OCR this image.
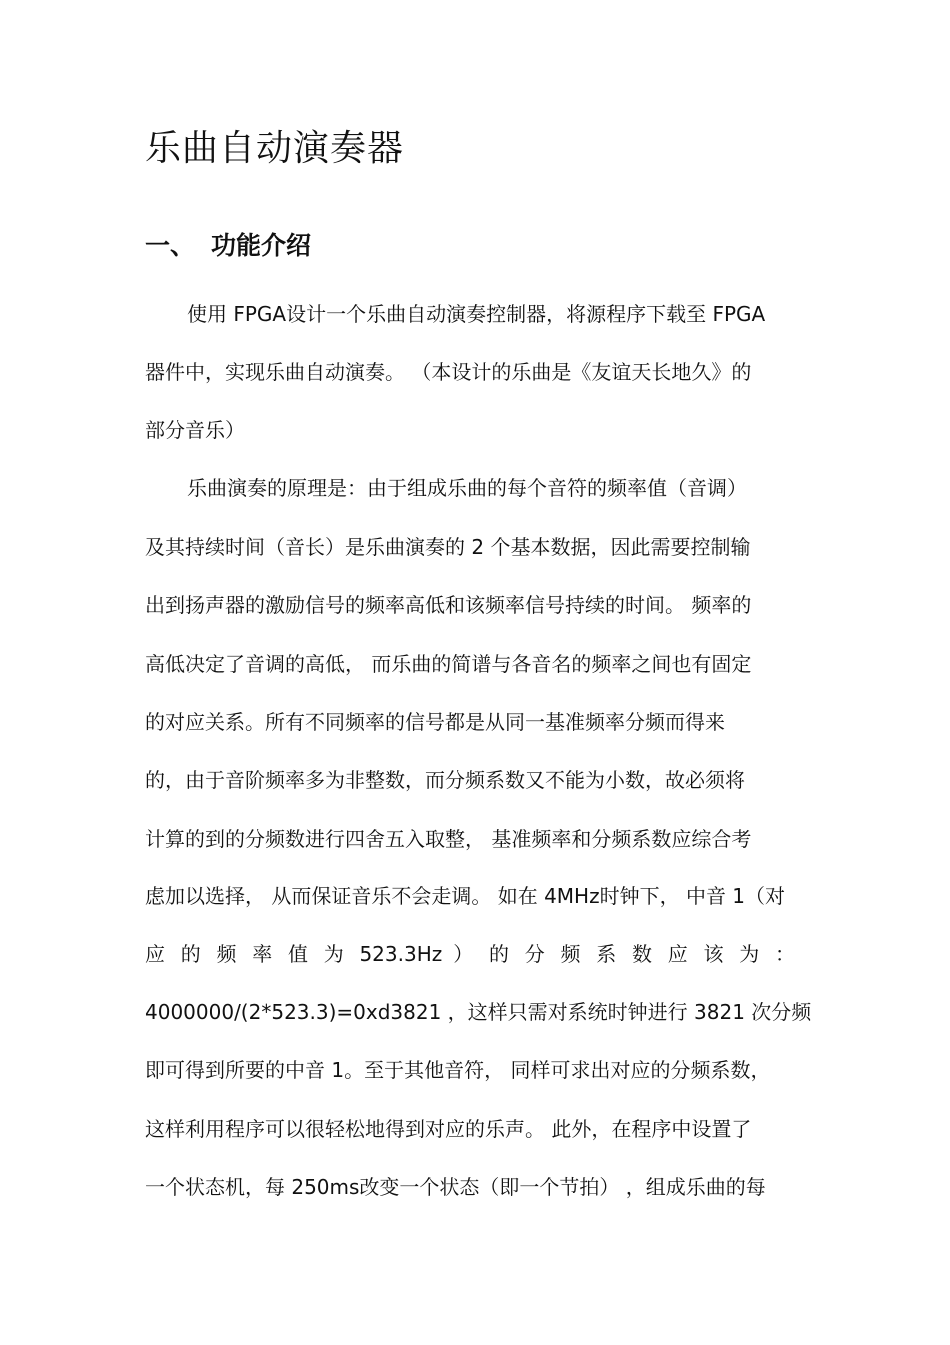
乐曲自动演奏器
一、 功能介绍

使用 FPGA设计一个乐曲自动演奏控制器，将源程序下载至 FPGA

器件中，实现乐曲自动演奏。 （本设计的乐曲是《友谊天长地久》的

部分音乐）

乐曲演奏的原理是：由于组成乐曲的每个音符的频率值（音调）

及其持续时间（音长）是乐曲演奏的 2 个基本数据，因此需要控制输

出到扬声器的激励信号的频率高低和该频率信号持续的时间。 频率的

高低决定了音调的高低， 而乐曲的简谱与各音名的频率之间也有固定

的对应关系。所有不同频率的信号都是从同一基准频率分频而得来

的，由于音阶频率多为非整数，而分频系数又不能为小数，故必须将

计算的到的分频数进行四舍五入取整， 基准频率和分频系数应综合考

虑加以选择， 从而保证音乐不会走调。 如在 4MHz时钟下， 中音 1（对

应 的 频 率 值 为 523.3Hz ） 的 分 频 系 数 应 该 为 ：

4000000/(2*523.3)=0xd3821 ，这样只需对系统时钟进行 3821 次分频

即可得到所要的中音 1。至于其他音符， 同样可求出对应的分频系数，

这样利用程序可以很轻松地得到对应的乐声。 此外，在程序中设置了

一个状态机，每 250ms改变一个状态（即一个节拍） ，组成乐曲的每
